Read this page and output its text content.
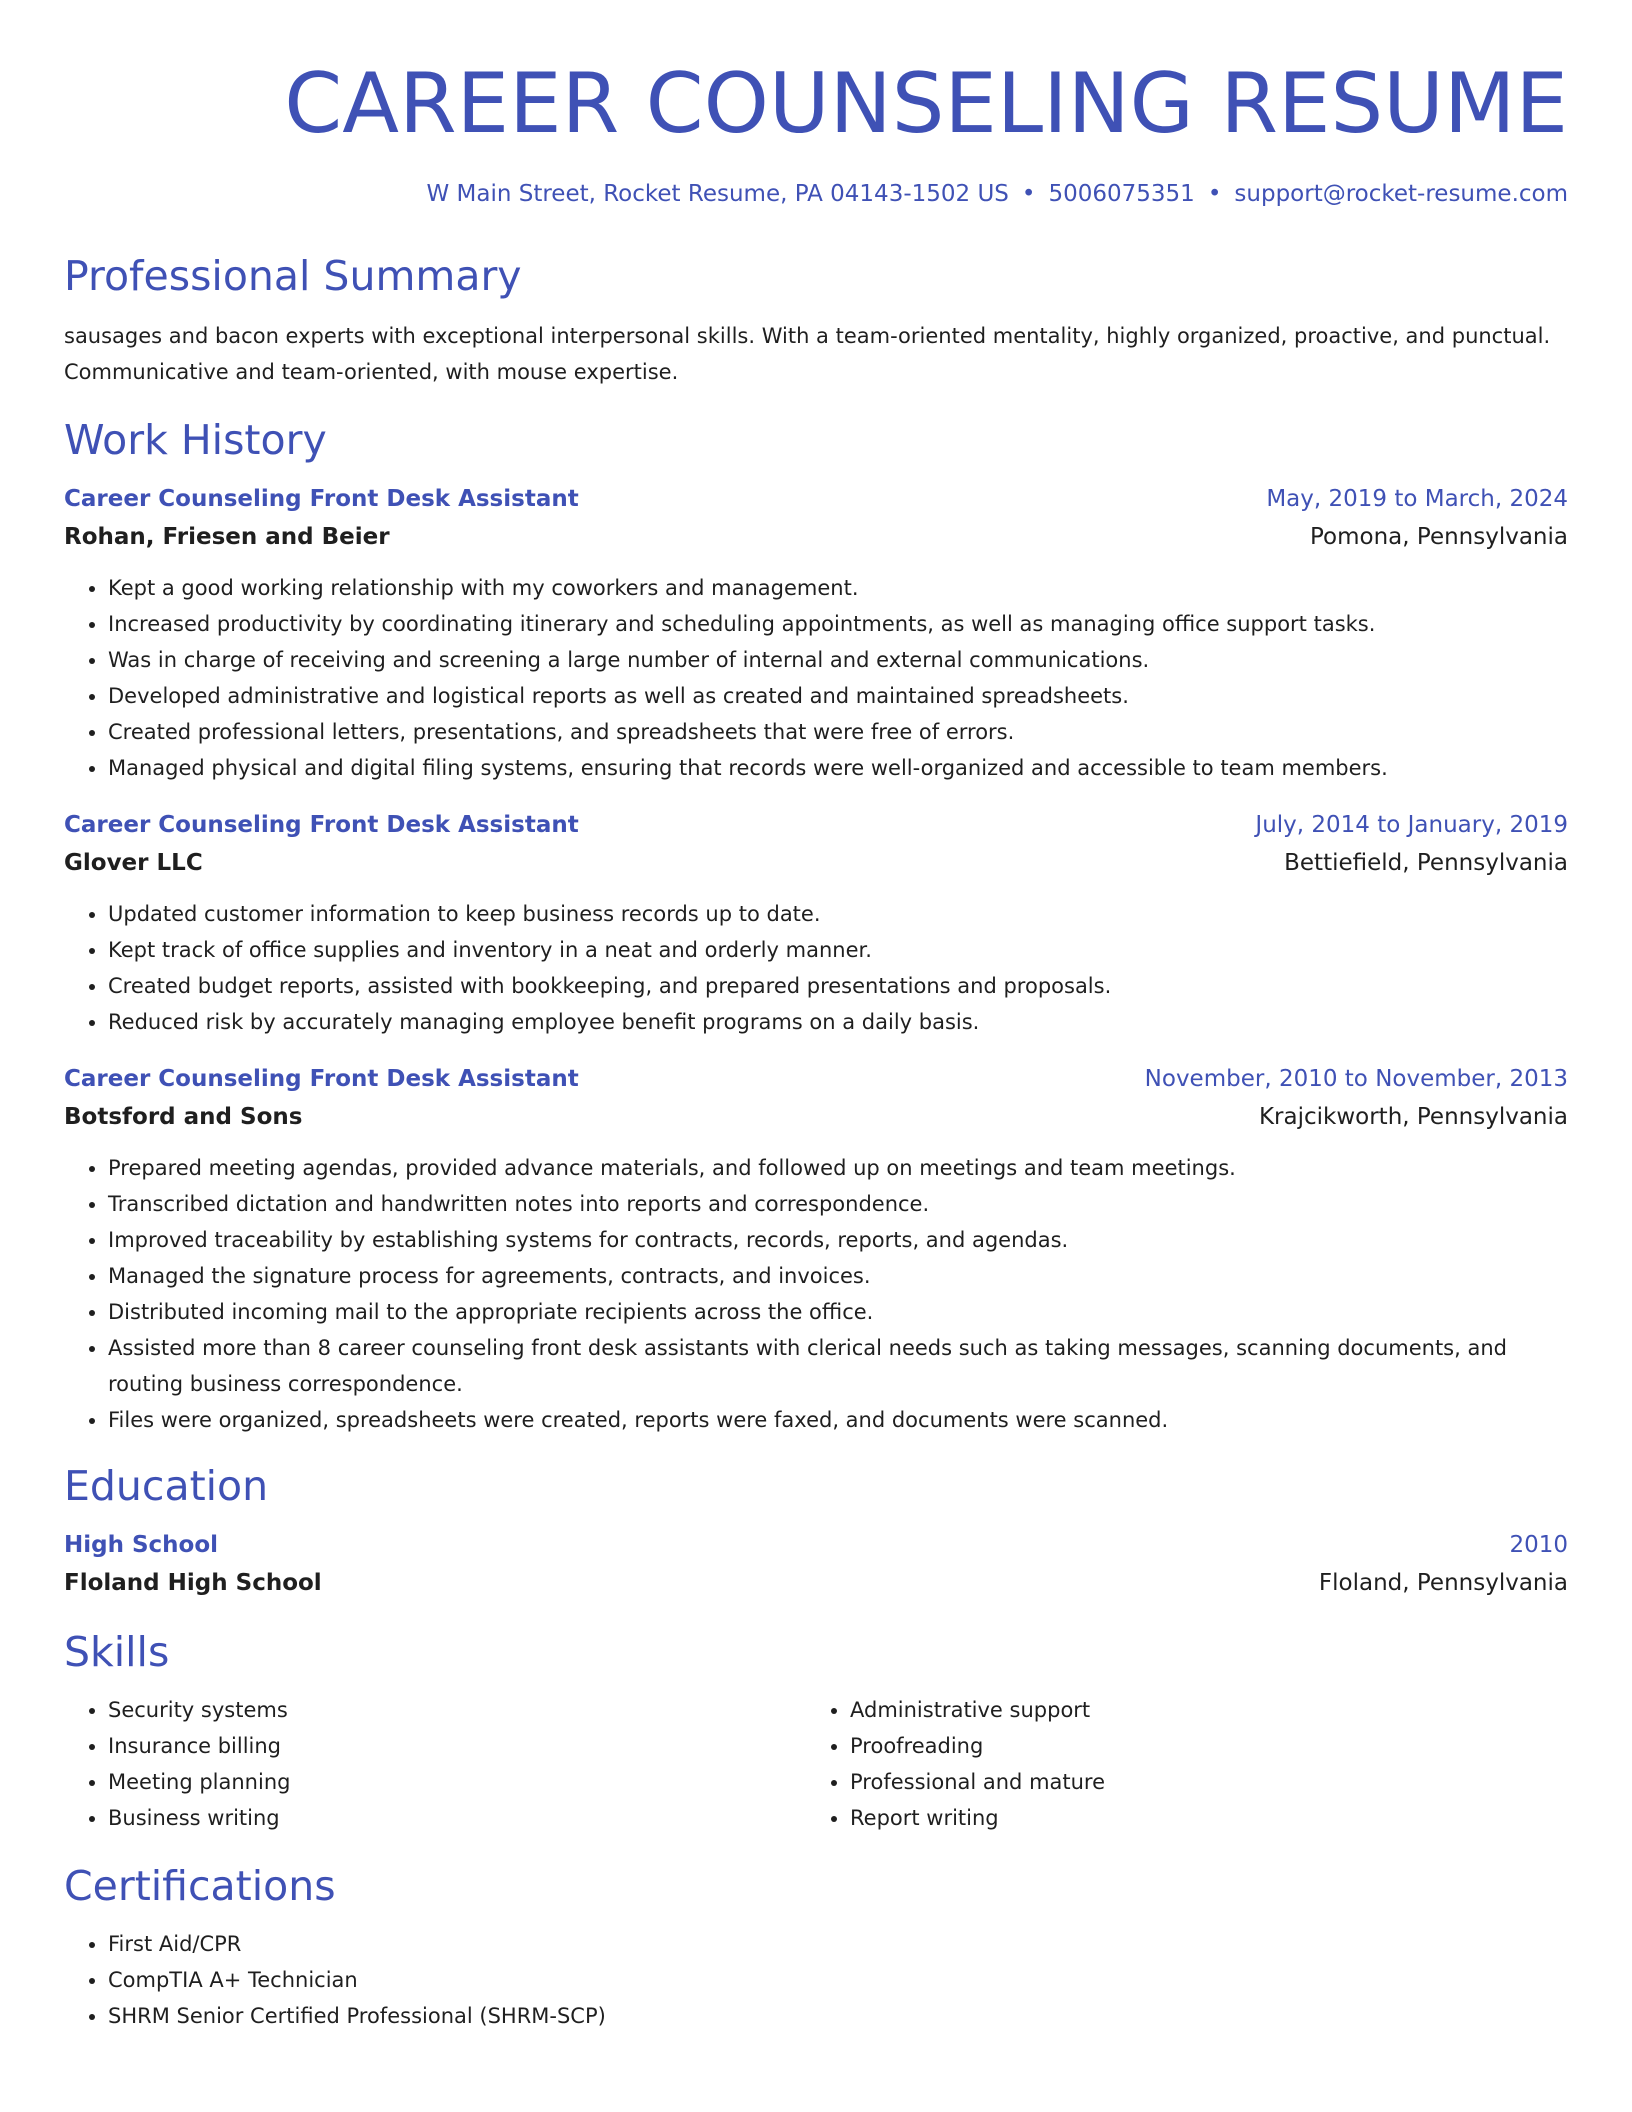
CAREER COUNSELING RESUME
W Main Street, Rocket Resume, PA 04143-1502 US • 5006075351 • support@rocket-resume.com
Professional Summary
sausages and bacon experts with exceptional interpersonal skills. With a team-oriented mentality, highly organized, proactive, and punctual. Communicative and team-oriented, with mouse expertise.
Work History
Career Counseling Front Desk Assistant	May, 2019 to March, 2024
Rohan, Friesen and Beier	Pomona, Pennsylvania
• Kept a good working relationship with my coworkers and management.
• Increased productivity by coordinating itinerary and scheduling appointments, as well as managing office support tasks.
• Was in charge of receiving and screening a large number of internal and external communications.
• Developed administrative and logistical reports as well as created and maintained spreadsheets.
• Created professional letters, presentations, and spreadsheets that were free of errors.
• Managed physical and digital filing systems, ensuring that records were well-organized and accessible to team members.
Career Counseling Front Desk Assistant	July, 2014 to January, 2019
Glover LLC	Bettiefield, Pennsylvania
• Updated customer information to keep business records up to date.
• Kept track of office supplies and inventory in a neat and orderly manner.
• Created budget reports, assisted with bookkeeping, and prepared presentations and proposals.
• Reduced risk by accurately managing employee benefit programs on a daily basis.
Career Counseling Front Desk Assistant	November, 2010 to November, 2013
Botsford and Sons	Krajcikworth, Pennsylvania
• Prepared meeting agendas, provided advance materials, and followed up on meetings and team meetings.
• Transcribed dictation and handwritten notes into reports and correspondence.
• Improved traceability by establishing systems for contracts, records, reports, and agendas.
• Managed the signature process for agreements, contracts, and invoices.
• Distributed incoming mail to the appropriate recipients across the office.
• Assisted more than 8 career counseling front desk assistants with clerical needs such as taking messages, scanning documents, and routing business correspondence.
• Files were organized, spreadsheets were created, reports were faxed, and documents were scanned.
Education
High School	2010
Floland High School	Floland, Pennsylvania
Skills
• Security systems
• Insurance billing
• Meeting planning
• Business writing
• Administrative support
• Proofreading
• Professional and mature
• Report writing
Certifications
• First Aid/CPR
• CompTIA A+ Technician
• SHRM Senior Certified Professional (SHRM-SCP)
